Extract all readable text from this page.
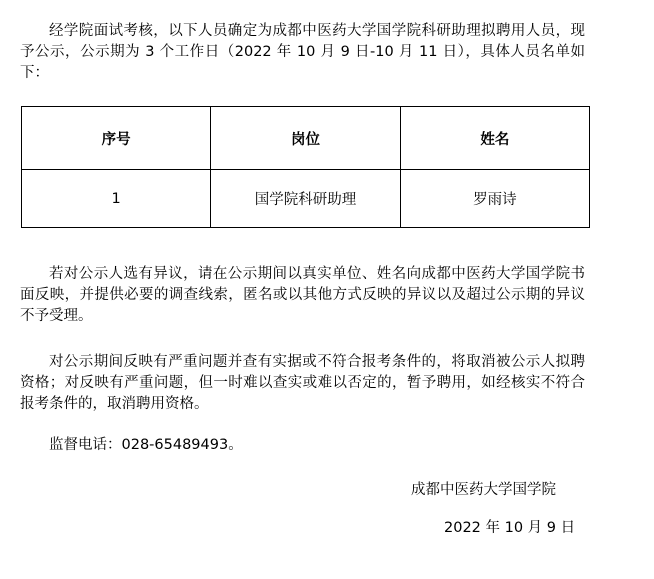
经学院面试考核，以下人员确定为成都中医药大学国学院科研助理拟聘用人员，现予公示，公示期为 3 个工作日（2022 年 10 月 9 日-10 月 11 日），具体人员名单如下：

序号	岗位	姓名
1	国学院科研助理	罗雨诗

若对公示人选有异议，请在公示期间以真实单位、姓名向成都中医药大学国学院书面反映，并提供必要的调查线索，匿名或以其他方式反映的异议以及超过公示期的异议不予受理。

对公示期间反映有严重问题并查有实据或不符合报考条件的，将取消被公示人拟聘资格；对反映有严重问题，但一时难以查实或难以否定的，暂予聘用，如经核实不符合报考条件的，取消聘用资格。

监督电话：028-65489493。

成都中医药大学国学院
2022 年 10 月 9 日
